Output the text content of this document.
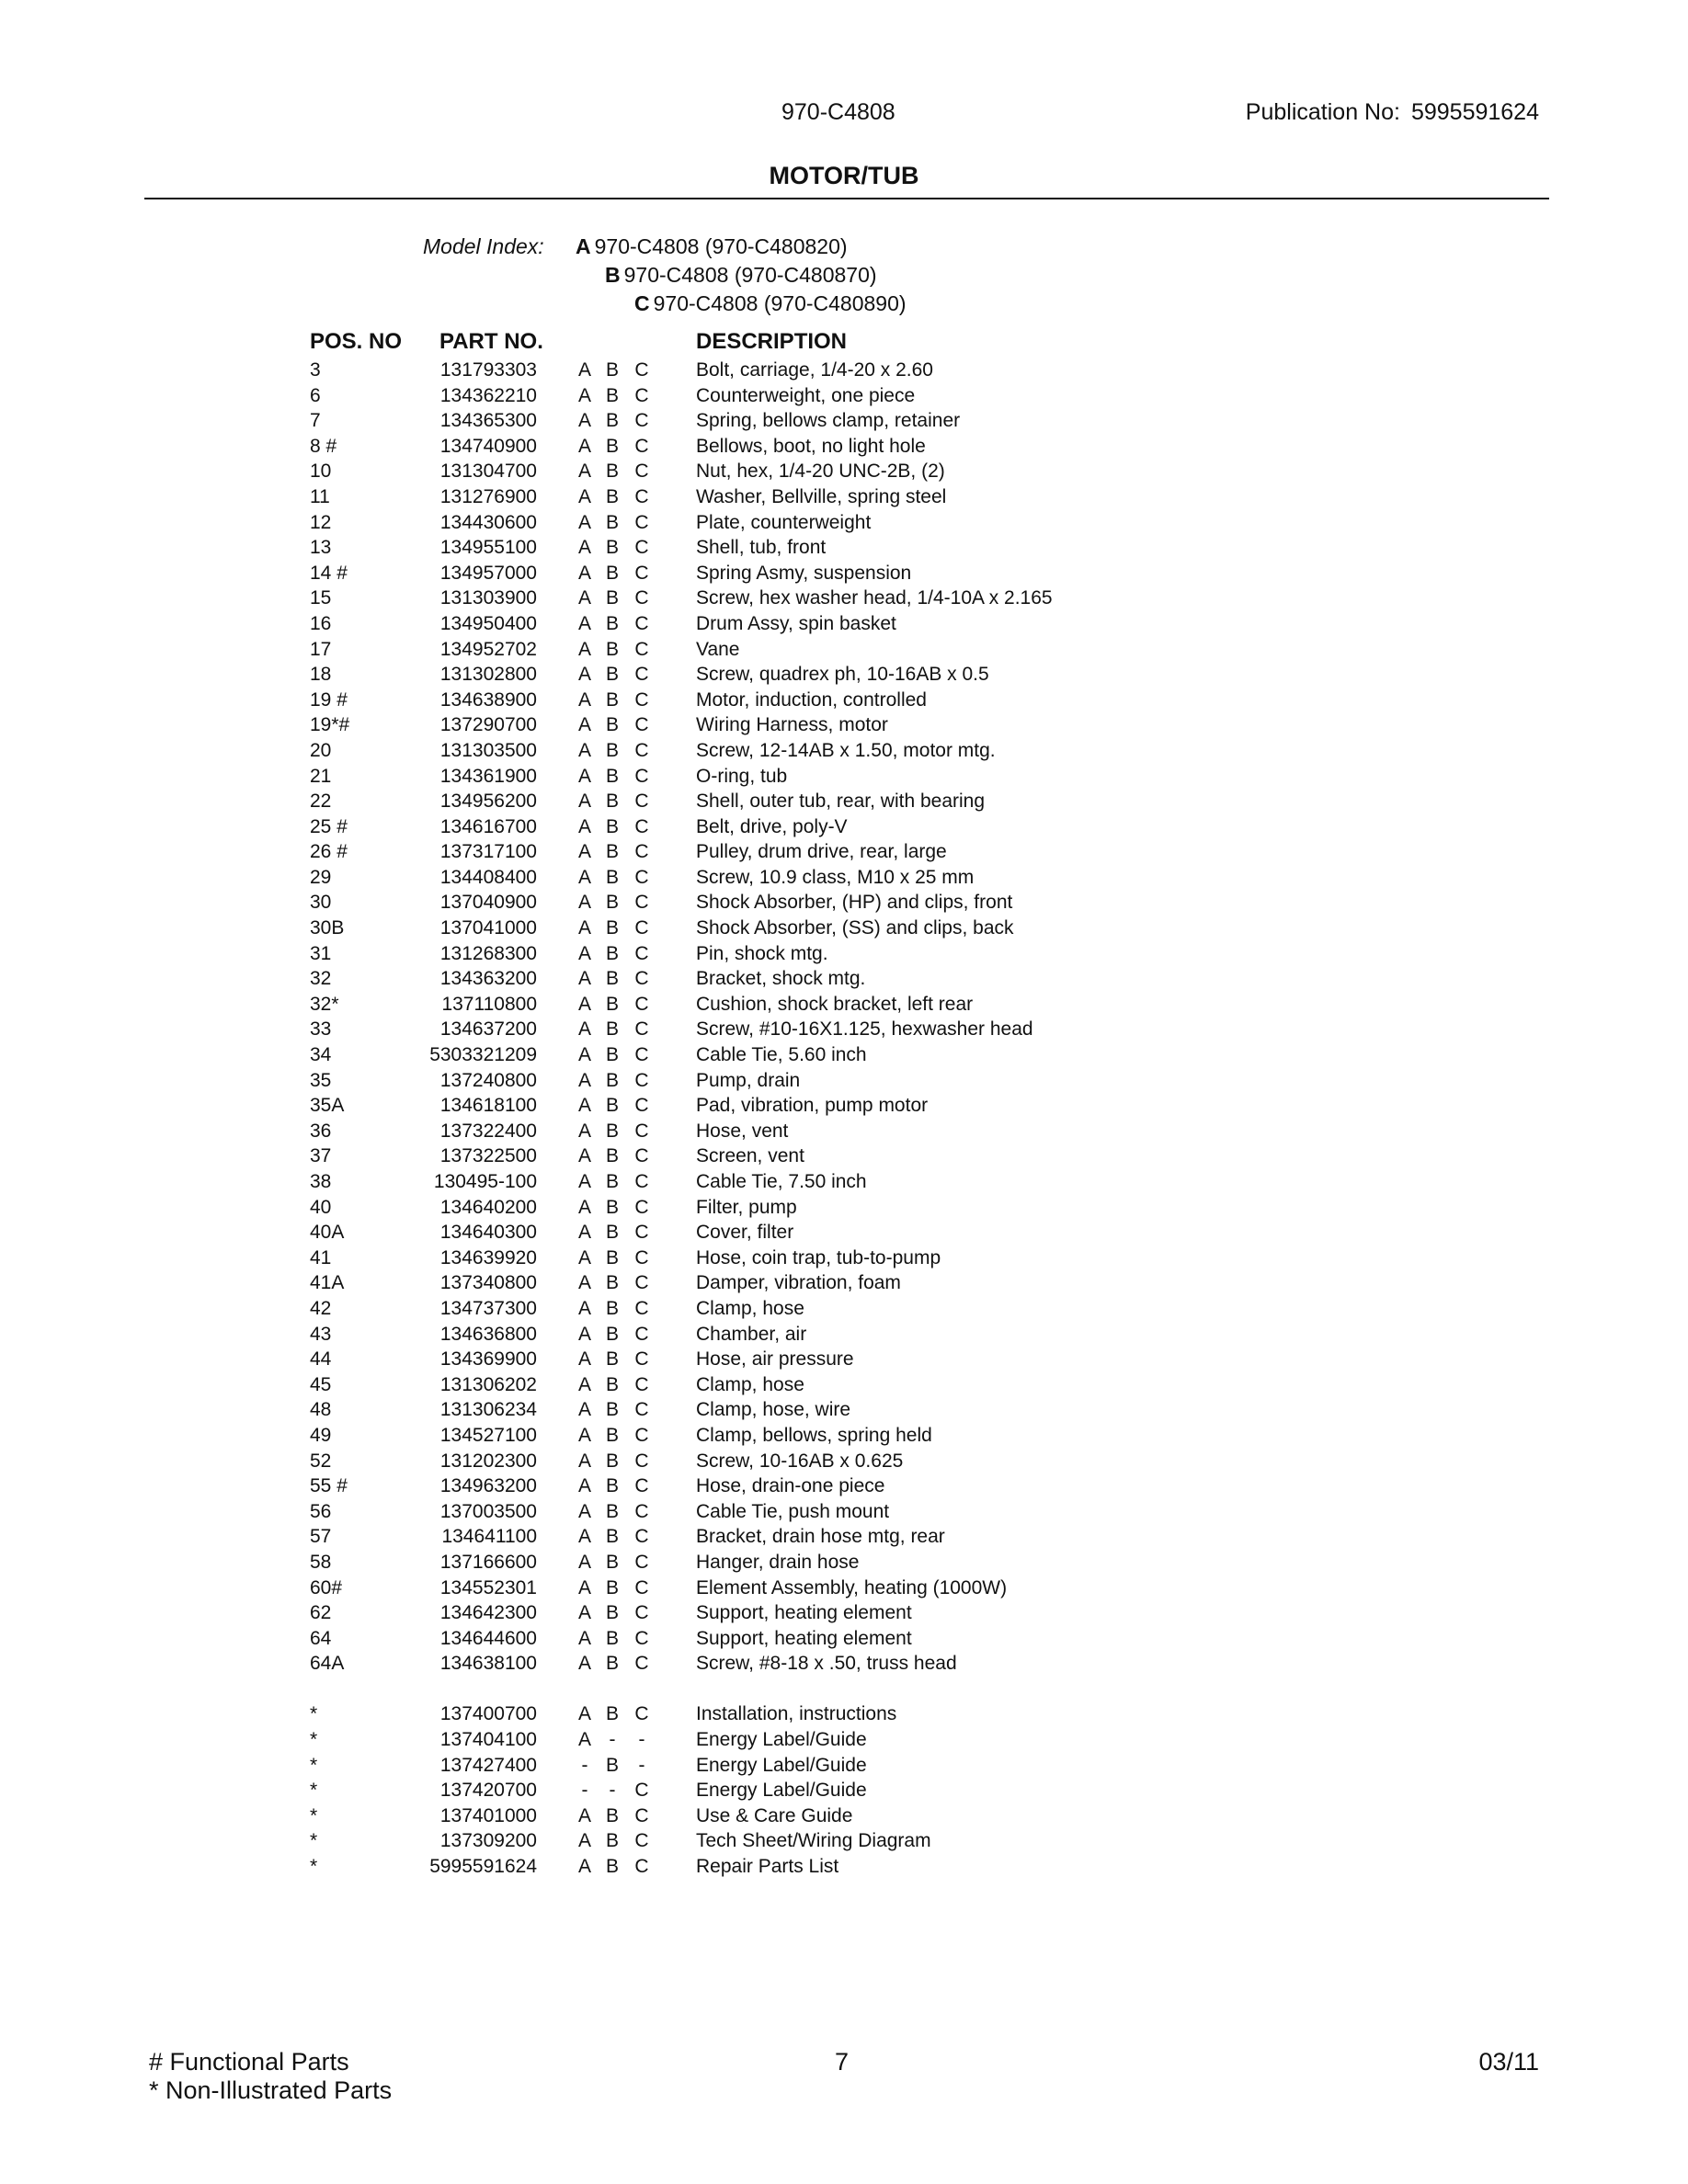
970-C4808	Publication No: 5995591624
MOTOR/TUB
Model Index: A 970-C4808 (970-C480820)
B 970-C4808 (970-C480870)
C 970-C4808 (970-C480890)
POS. NO PART NO.	DESCRIPTION
3	131793303 A B C Bolt, carriage, 1/4-20 x 2.60
6	134362210 A B C Counterweight, one piece
7	134365300 A B C Spring, bellows clamp, retainer
8 #	134740900 A B C Bellows, boot, no light hole
10	131304700 A B C Nut, hex, 1/4-20 UNC-2B, (2)
11	131276900 A B C Washer, Bellville, spring steel
12	134430600 A B C Plate, counterweight
13	134955100 A B C Shell, tub, front
14 #	134957000 A B C Spring Asmy, suspension
15	131303900 A B C Screw, hex washer head, 1/4-10A x 2.165
16	134950400 A B C Drum Assy, spin basket
17	134952702 A B C Vane
18	131302800 A B C Screw, quadrex ph, 10-16AB x 0.5
19 #	134638900 A B C Motor, induction, controlled
19*#	137290700 A B C Wiring Harness, motor
20	131303500 A B C Screw, 12-14AB x 1.50, motor mtg.
21	134361900 A B C O-ring, tub
22	134956200 A B C Shell, outer tub, rear, with bearing
25 #	134616700 A B C Belt, drive, poly-V
26 #	137317100 A B C Pulley, drum drive, rear, large
29	134408400 A B C Screw, 10.9 class, M10 x 25 mm
30	137040900 A B C Shock Absorber, (HP) and clips, front
30B	137041000 A B C Shock Absorber, (SS) and clips, back
31	131268300 A B C Pin, shock mtg.
32	134363200 A B C Bracket, shock mtg.
32*	137110800 A B C Cushion, shock bracket, left rear
33	134637200 A B C Screw, #10-16X1.125, hexwasher head
34	5303321209 A B C Cable Tie, 5.60 inch
35	137240800 A B C Pump, drain
35A	134618100 A B C Pad, vibration, pump motor
36	137322400 A B C Hose, vent
37	137322500 A B C Screen, vent
38	130495-100 A B C Cable Tie, 7.50 inch
40	134640200 A B C Filter, pump
40A	134640300 A B C Cover, filter
41	134639920 A B C Hose, coin trap, tub-to-pump
41A	137340800 A B C Damper, vibration, foam
42	134737300 A B C Clamp, hose
43	134636800 A B C Chamber, air
44	134369900 A B C Hose, air pressure
45	131306202 A B C Clamp, hose
48	131306234 A B C Clamp, hose, wire
49	134527100 A B C Clamp, bellows, spring held
52	131202300 A B C Screw, 10-16AB x 0.625
55 #	134963200 A B C Hose, drain-one piece
56	137003500 A B C Cable Tie, push mount
57	134641100 A B C Bracket, drain hose mtg, rear
58	137166600 A B C Hanger, drain hose
60#	134552301 A B C Element Assembly, heating (1000W)
62	134642300 A B C Support, heating element
64	134644600 A B C Support, heating element
64A	134638100 A B C Screw, #8-18 x .50, truss head
*	137400700 A B C Installation, instructions
*	137404100 A - -	Energy Label/Guide
*	137427400 - B -	Energy Label/Guide
*	137420700 - - C Energy Label/Guide
*	137401000 A B C Use & Care Guide
*	137309200 A B C Tech Sheet/Wiring Diagram
*	5995591624 A B C Repair Parts List
# Functional Parts
* Non-Illustrated Parts
7	03/11
